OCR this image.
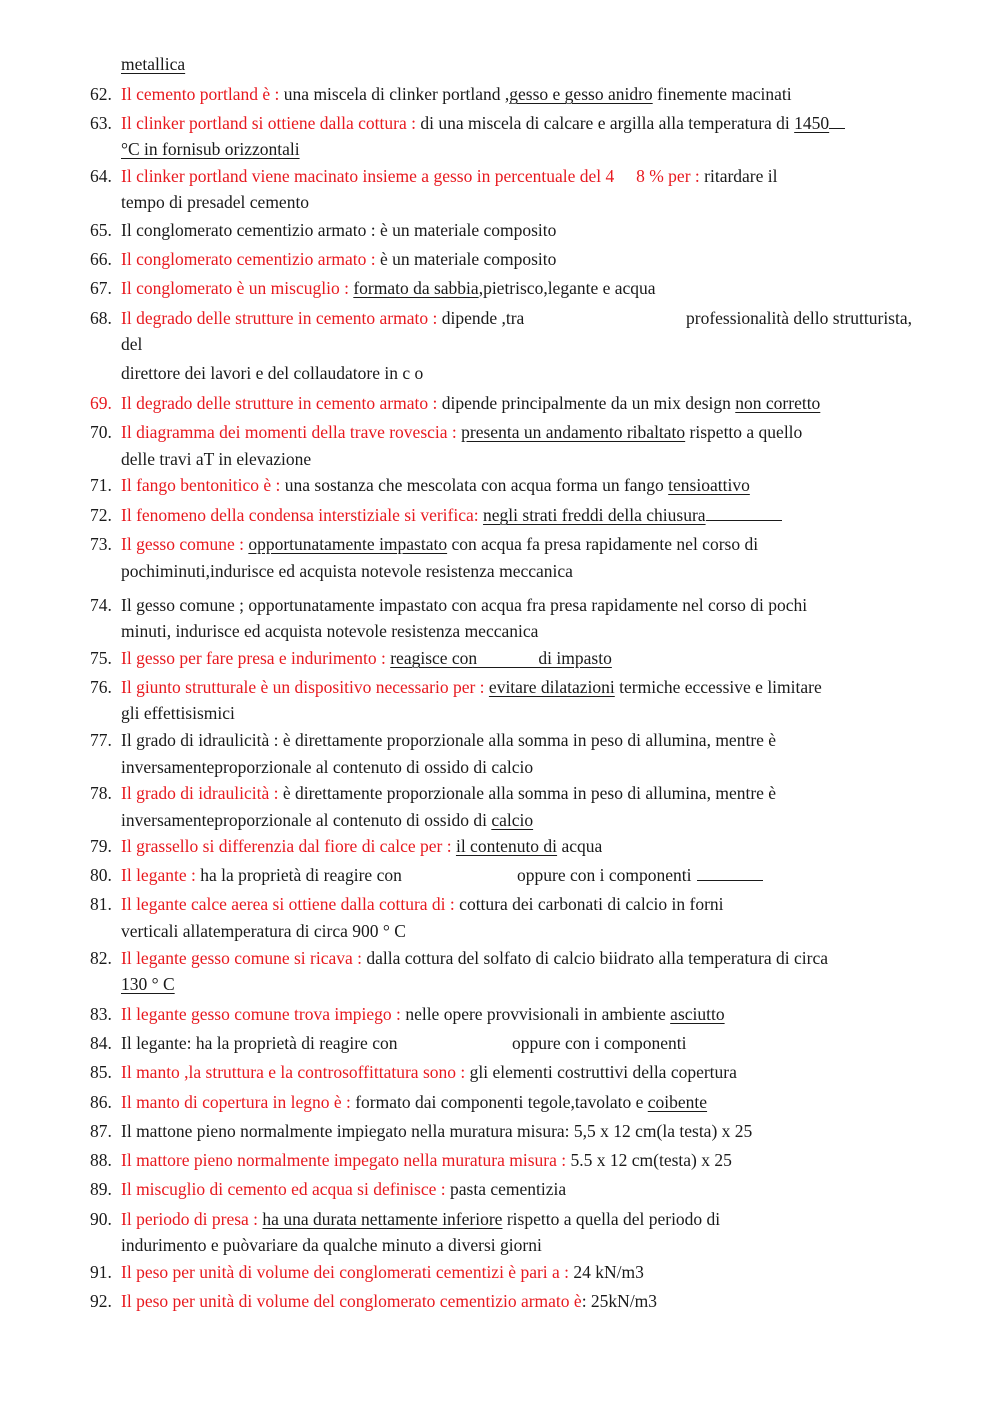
metallica
62. Il cemento portland è : una miscela di clinker portland ,gesso e gesso anidro finemente macinati
63. Il clinker portland si ottiene dalla cottura : di una miscela di calcare e argilla alla temperatura di 1450
°C in fornisub orizzontali
64. Il clinker portland viene macinato insieme a gesso in percentuale del 4     8 % per : ritardare il
tempo di presadel cemento
65. Il conglomerato cementizio armato : è un materiale composito
66. Il conglomerato cementizio armato : è un materiale composito
67. Il conglomerato è un miscuglio : formato da sabbia,pietrisco,legante e acqua
68. Il degrado delle strutture in cemento armato : dipende ,tra	professionalità dello strutturista,
del
direttore dei lavori e del collaudatore in c o
69. Il degrado delle strutture in cemento armato : dipende principalmente da un mix design non corretto
70. Il diagramma dei momenti della trave rovescia : presenta un andamento ribaltato rispetto a quello
delle travi aT in elevazione
71. Il fango bentonitico è : una sostanza che mescolata con acqua forma un fango tensioattivo
72. Il fenomeno della condensa interstiziale si verifica: negli strati freddi della chiusura
73. Il gesso comune : opportunatamente impastato con acqua fa presa rapidamente nel corso di
pochiminuti,indurisce ed acquista notevole resistenza meccanica
74. Il gesso comune ; opportunatamente impastato con acqua fra presa rapidamente nel corso di pochi
minuti, indurisce ed acquista notevole resistenza meccanica
75. Il gesso per fare presa e indurimento : reagisce con              di impasto
76. Il giunto strutturale è un dispositivo necessario per : evitare dilatazioni termiche eccessive e limitare
gli effettisismici
77. Il grado di idraulicità : è direttamente proporzionale alla somma in peso di allumina, mentre è
inversamenteproporzionale al contenuto di ossido di calcio
78. Il grado di idraulicità : è direttamente proporzionale alla somma in peso di allumina, mentre è
inversamenteproporzionale al contenuto di ossido di calcio
79. Il grassello si differenzia dal fiore di calce per : il contenuto di acqua
80. Il legante : ha la proprietà di reagire con	oppure con i componenti
81. Il legante calce aerea si ottiene dalla cottura di : cottura dei carbonati di calcio in forni
verticali allatemperatura di circa 900 ° C
82. Il legante gesso comune si ricava : dalla cottura del solfato di calcio biidrato alla temperatura di circa
130 ° C
83. Il legante gesso comune trova impiego : nelle opere provvisionali in ambiente asciutto
84. Il legante: ha la proprietà di reagire con	oppure con i componenti
85. Il manto ,la struttura e la controsoffittatura sono : gli elementi costruttivi della copertura
86. Il manto di copertura in legno è : formato dai componenti tegole,tavolato e coibente
87. Il mattone pieno normalmente impiegato nella muratura misura: 5,5 x 12 cm(la testa) x 25
88. Il mattore pieno normalmente impegato nella muratura misura : 5.5 x 12 cm(testa) x 25
89. Il miscuglio di cemento ed acqua si definisce : pasta cementizia
90. Il periodo di presa : ha una durata nettamente inferiore rispetto a quella del periodo di
indurimento e puòvariare da qualche minuto a diversi giorni
91. Il peso per unità di volume dei conglomerati cementizi è pari a : 24 kN/m3
92. Il peso per unità di volume del conglomerato cementizio armato è: 25kN/m3
